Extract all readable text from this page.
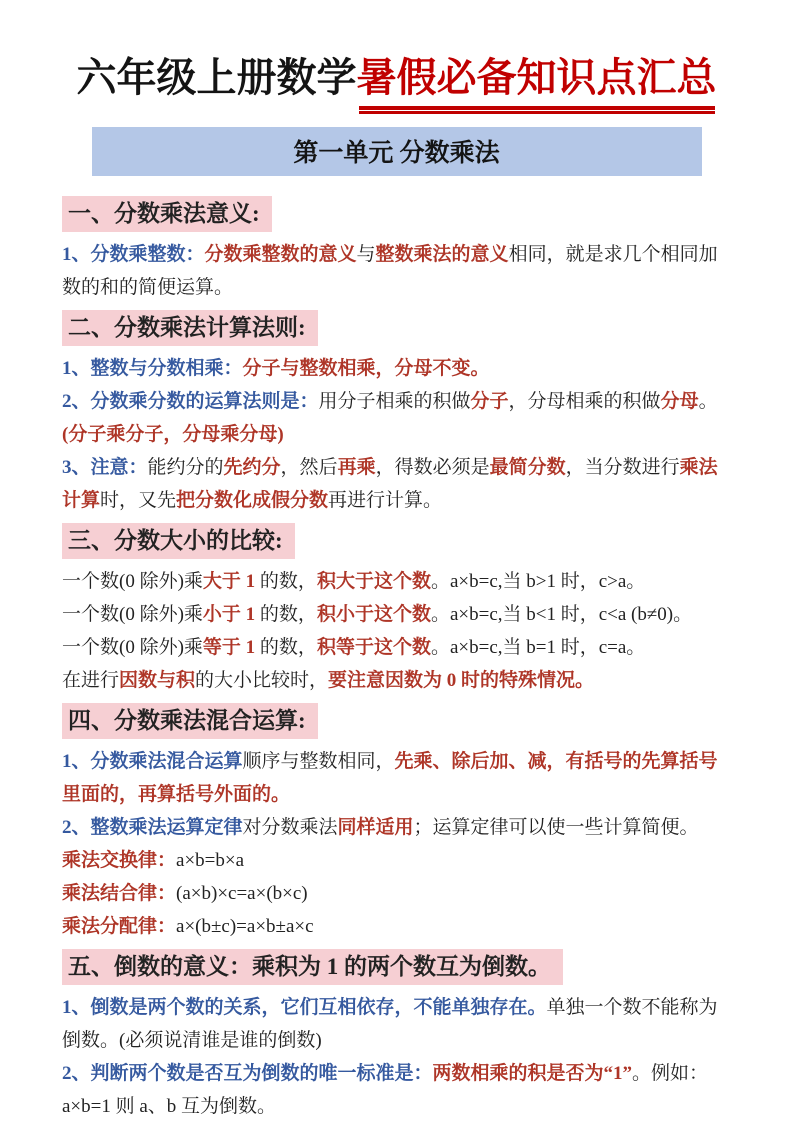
六年级上册数学暑假必备知识点汇总
第一单元 分数乘法
一、分数乘法意义:
1、分数乘整数：分数乘整数的意义与整数乘法的意义相同，就是求几个相同加
数的和的简便运算。
二、分数乘法计算法则:
1、整数与分数相乘：分子与整数相乘，分母不变。
2、分数乘分数的运算法则是：用分子相乘的积做分子，分母相乘的积做分母。
(分子乘分子，分母乘分母)
3、注意：能约分的先约分，然后再乘，得数必须是最简分数，当分数进行乘法
计算时，又先把分数化成假分数再进行计算。
三、分数大小的比较:
一个数(0 除外)乘大于 1 的数，积大于这个数。a×b=c,当 b>1 时，c>a。
一个数(0 除外)乘小于 1 的数，积小于这个数。a×b=c,当 b<1 时，c<a (b≠0)。
一个数(0 除外)乘等于 1 的数，积等于这个数。a×b=c,当 b=1 时，c=a。
在进行因数与积的大小比较时，要注意因数为 0 时的特殊情况。
四、分数乘法混合运算:
1、分数乘法混合运算顺序与整数相同，先乘、除后加、减，有括号的先算括号
里面的，再算括号外面的。
2、整数乘法运算定律对分数乘法同样适用；运算定律可以使一些计算简便。
乘法交换律：a×b=b×a
乘法结合律：(a×b)×c=a×(b×c)
乘法分配律：a×(b±c)=a×b±a×c
五、倒数的意义：乘积为 1 的两个数互为倒数。
1、倒数是两个数的关系，它们互相依存，不能单独存在。单独一个数不能称为
倒数。(必须说清谁是谁的倒数)
2、判断两个数是否互为倒数的唯一标准是：两数相乘的积是否为“1”。例如：
a×b=1 则 a、b 互为倒数。
